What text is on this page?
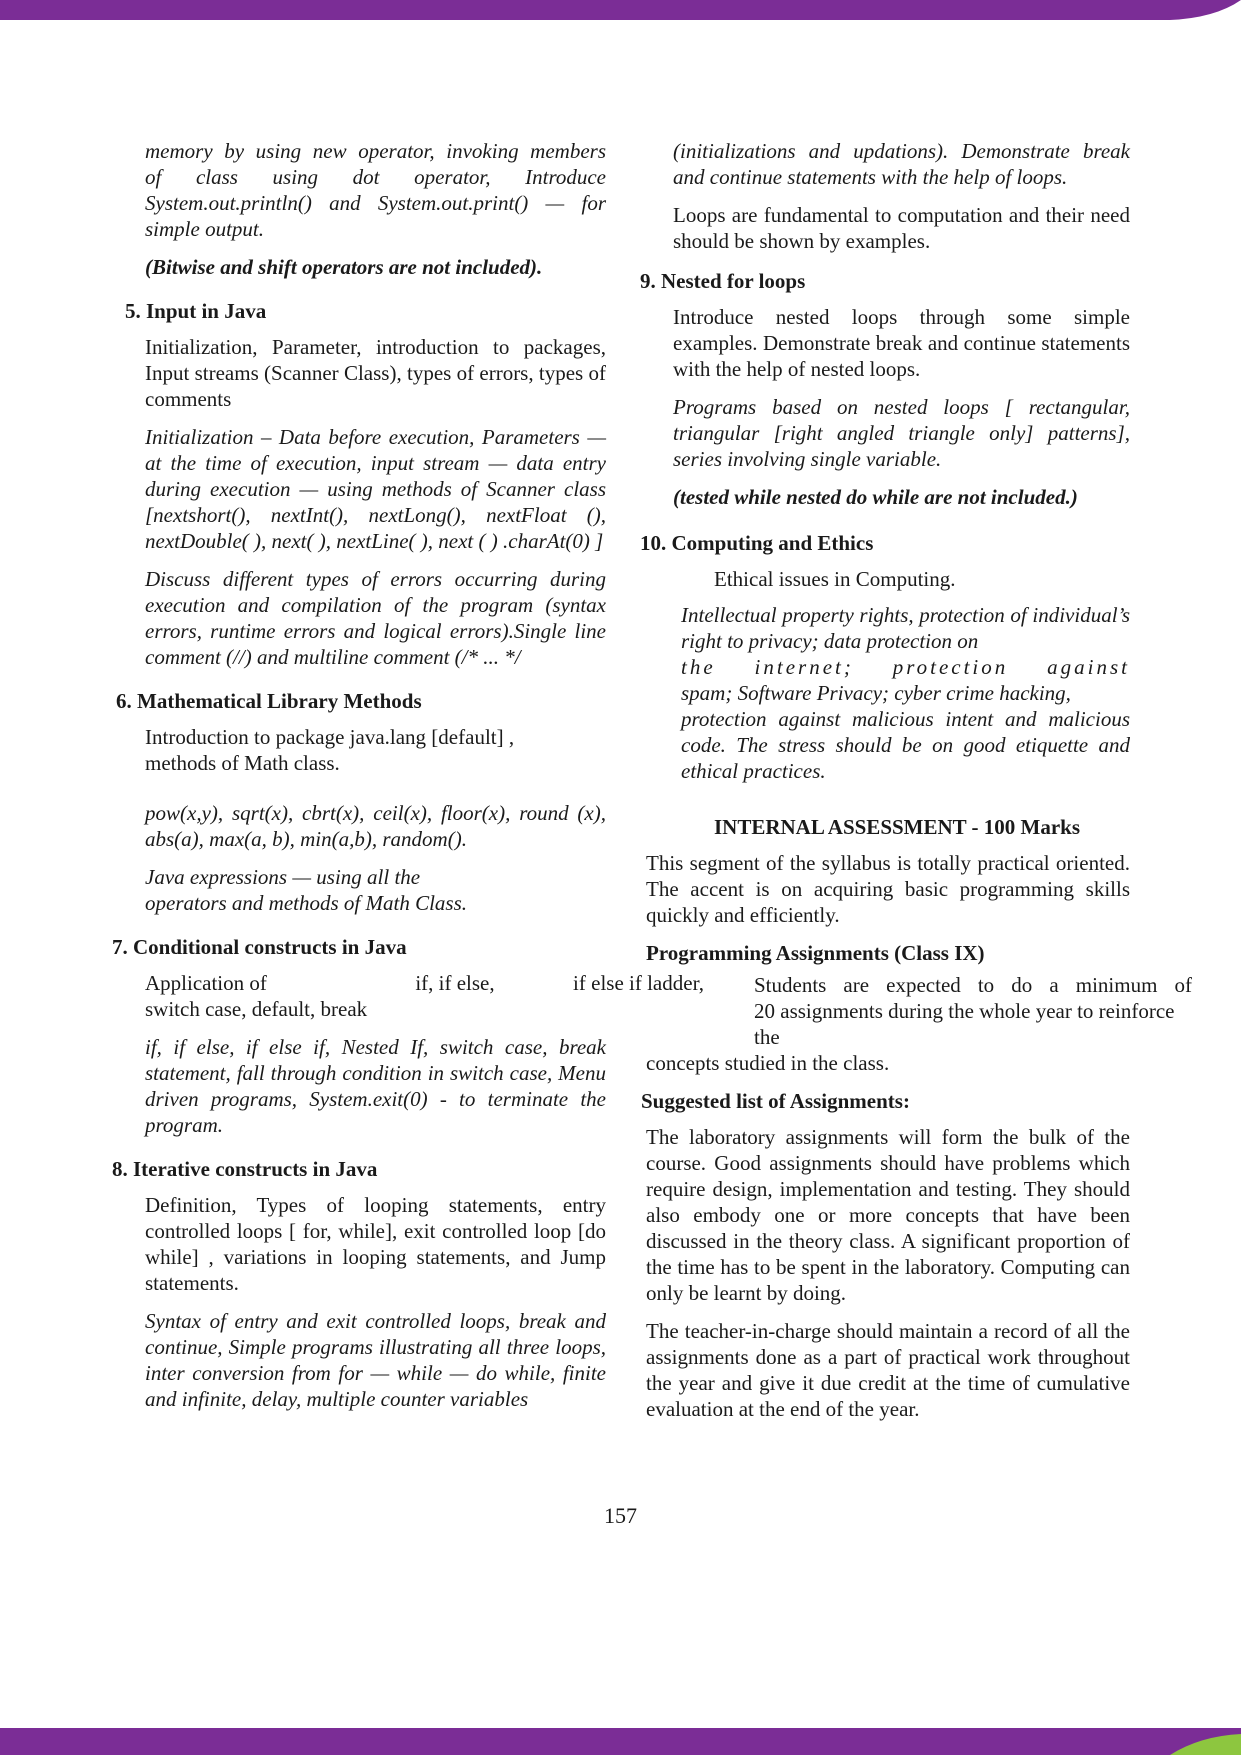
memory by using new operator, invoking members

of class using dot operator, Introduce

System.out.println() and System.out.print() — for

simple output.

(Bitwise and shift operators are not included).

5. Input in Java

Initialization, Parameter, introduction to packages, Input streams (Scanner Class), types of errors, types of comments

Initialization – Data before execution, Parameters — at the time of execution, input stream — data entry during execution — using methods of Scanner class [nextshort(), nextInt(), nextLong(), nextFloat (), nextDouble( ), next( ), nextLine( ), next ( ) .charAt(0) ]

Discuss different types of errors occurring during execution and compilation of the program (syntax errors, runtime errors and logical errors).Single line comment (//) and multiline comment (/* ... */

6. Mathematical Library Methods

Introduction to package java.lang [default] ,

methods of Math class.

pow(x,y), sqrt(x), cbrt(x), ceil(x), floor(x), round (x), abs(a), max(a, b), min(a,b), random().

Java expressions — using all the

operators and methods of Math Class.

7. Conditional constructs in Java
Application of	if, if else,	if else if ladder,

switch case, default, break

if, if else, if else if, Nested If, switch case, break statement, fall through condition in switch case, Menu driven programs, System.exit(0) - to terminate the program.

8. Iterative constructs in Java

Definition, Types of looping statements, entry controlled loops [ for, while], exit controlled loop [do while] , variations in looping statements, and Jump statements.

Syntax of entry and exit controlled loops, break and continue, Simple programs illustrating all three loops, inter conversion from for — while — do while, finite and infinite, delay, multiple counter variables

(initializations and updations). Demonstrate break and continue statements with the help of loops.

Loops are fundamental to computation and their need should be shown by examples.

9. Nested for loops

Introduce nested loops through some simple examples. Demonstrate break and continue statements with the help of nested loops.

Programs based on nested loops [ rectangular, triangular [right angled triangle only] patterns], series involving single variable.

(tested while nested do while are not included.)

10. Computing and Ethics

Ethical issues in Computing.

Intellectual property rights, protection of individual’s right to privacy; data protection on

the internet; protection against

spam; Software Privacy; cyber crime hacking,

protection against malicious intent and malicious code. The stress should be on good etiquette and ethical practices.

INTERNAL ASSESSMENT - 100 Marks

This segment of the syllabus is totally practical oriented. The accent is on acquiring basic programming skills quickly and efficiently.

Programming Assignments (Class IX)

Students are expected to do a minimum of

20 assignments during the whole year to reinforce the

concepts studied in the class.

Suggested list of Assignments:

The laboratory assignments will form the bulk of the course. Good assignments should have problems which require design, implementation and testing. They should also embody one or more concepts that have been discussed in the theory class. A significant proportion of the time has to be spent in the laboratory. Computing can only be learnt by doing.

The teacher-in-charge should maintain a record of all the assignments done as a part of practical work throughout the year and give it due credit at the time of cumulative evaluation at the end of the year.

157
